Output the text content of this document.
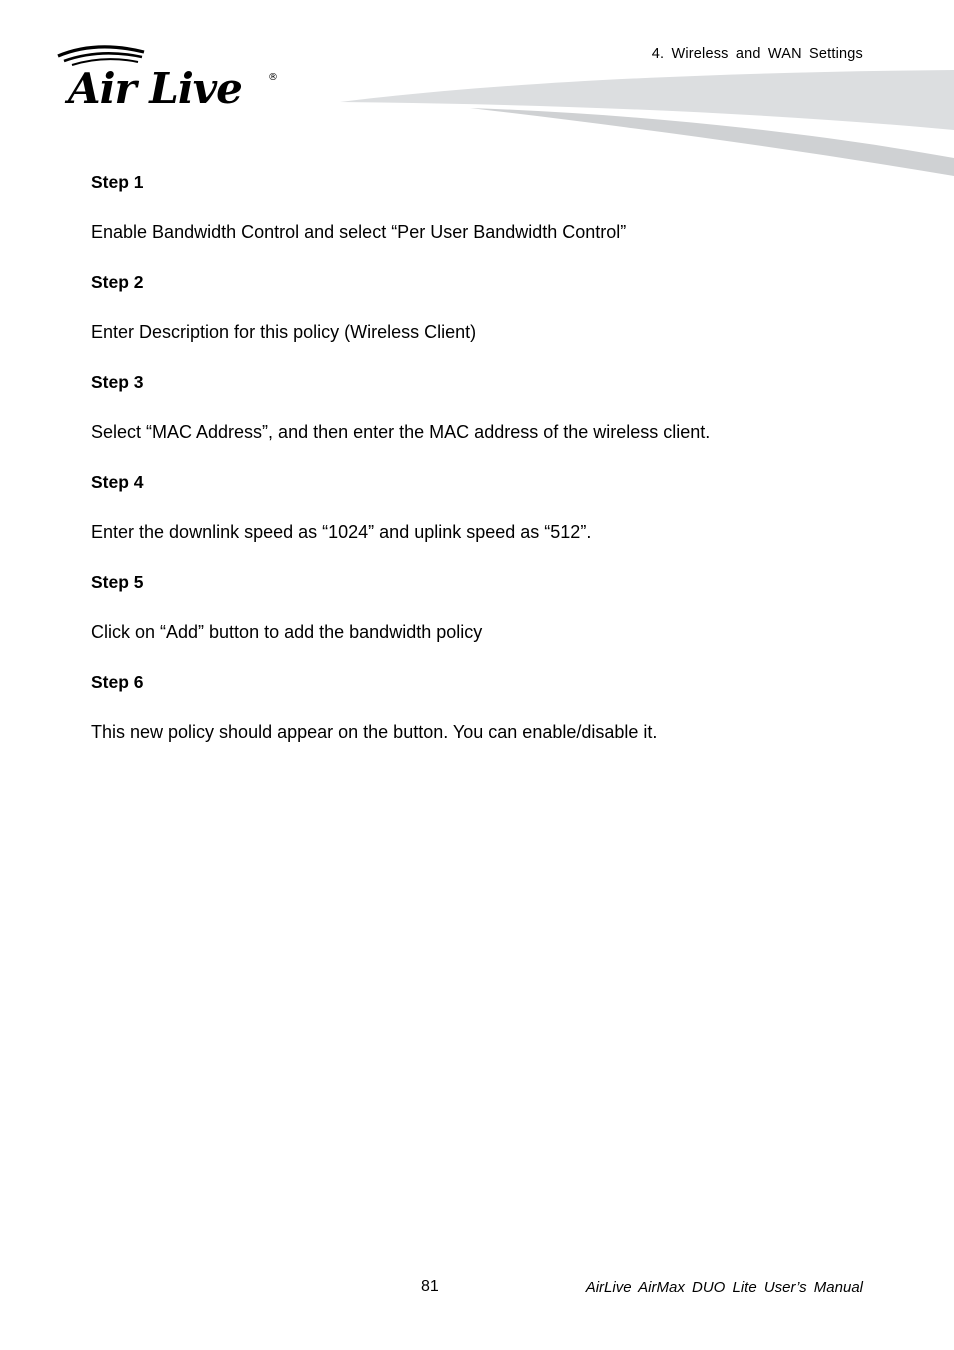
4. Wireless and WAN Settings
Air Live	®
Step 1
Enable Bandwidth Control and select “Per User Bandwidth Control”
Step 2
Enter Description for this policy (Wireless Client)
Step 3
Select “MAC Address”, and then enter the MAC address of the wireless client.
Step 4
Enter the downlink speed as “1024” and uplink speed as “512”.
Step 5
Click on “Add” button to add the bandwidth policy
Step 6
This new policy should appear on the button. You can enable/disable it.
81	AirLive AirMax DUO Lite User’s Manual
